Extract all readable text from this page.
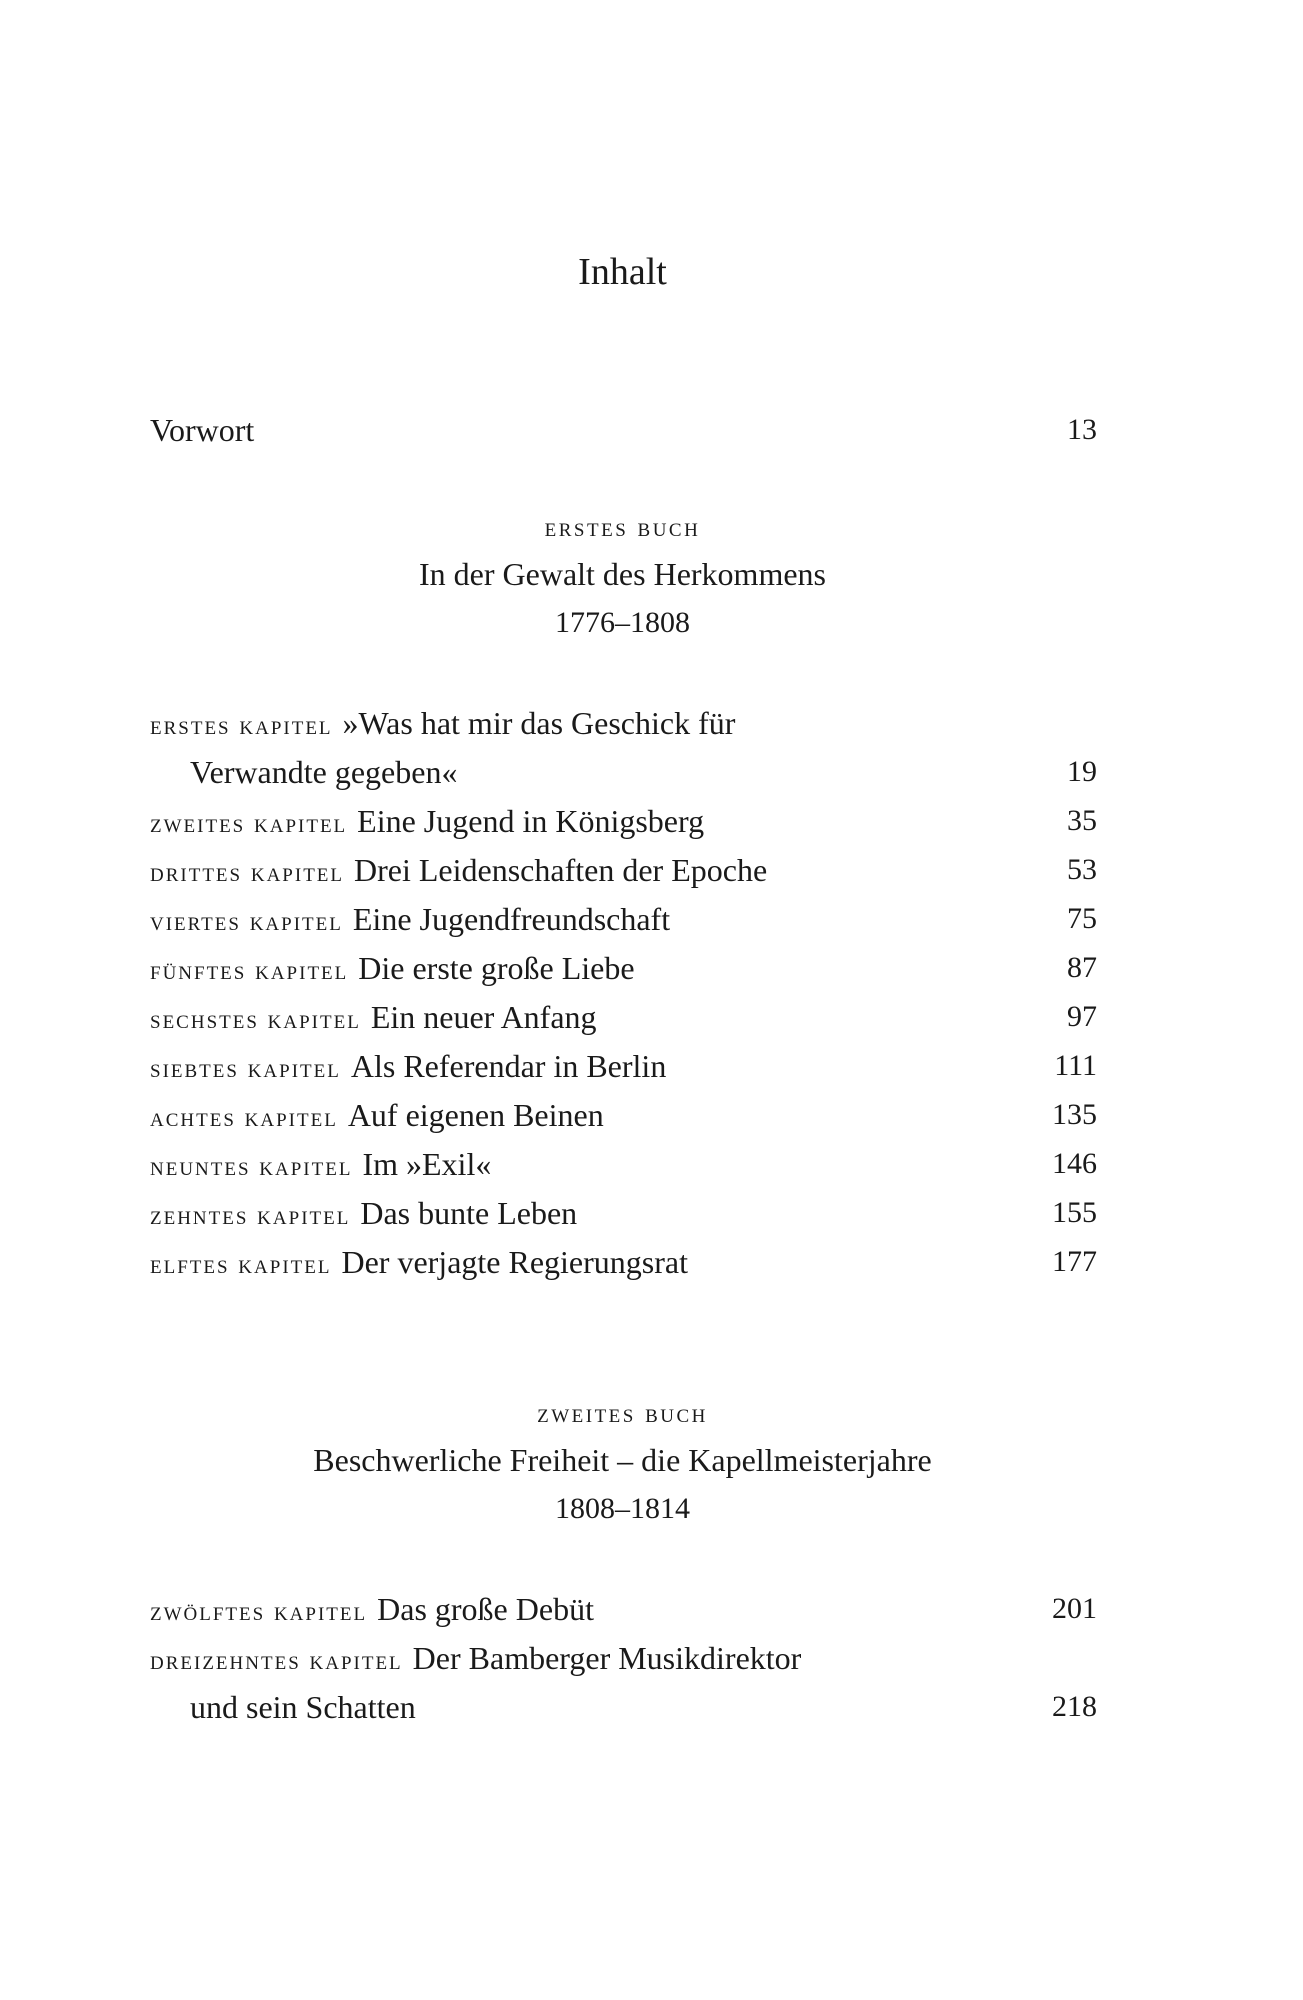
Inhalt
Vorwort	13
erstes buch
In der Gewalt des Herkommens
1776–1808
erstes kapitel »Was hat mir das Geschick für
Verwandte gegeben«	19
zweites kapitel Eine Jugend in Königsberg	35
drittes kapitel Drei Leidenschaften der Epoche	53
viertes kapitel Eine Jugendfreundschaft	75
fünftes kapitel Die erste große Liebe	87
sechstes kapitel Ein neuer Anfang	97
siebtes kapitel Als Referendar in Berlin	111
achtes kapitel Auf eigenen Beinen	135
neuntes kapitel Im »Exil«	146
zehntes kapitel Das bunte Leben	155
elftes kapitel Der verjagte Regierungsrat	177
zweites buch
Beschwerliche Freiheit – die Kapellmeisterjahre
1808–1814
zwölftes kapitel Das große Debüt	201
dreizehntes kapitel Der Bamberger Musikdirektor
und sein Schatten	218
